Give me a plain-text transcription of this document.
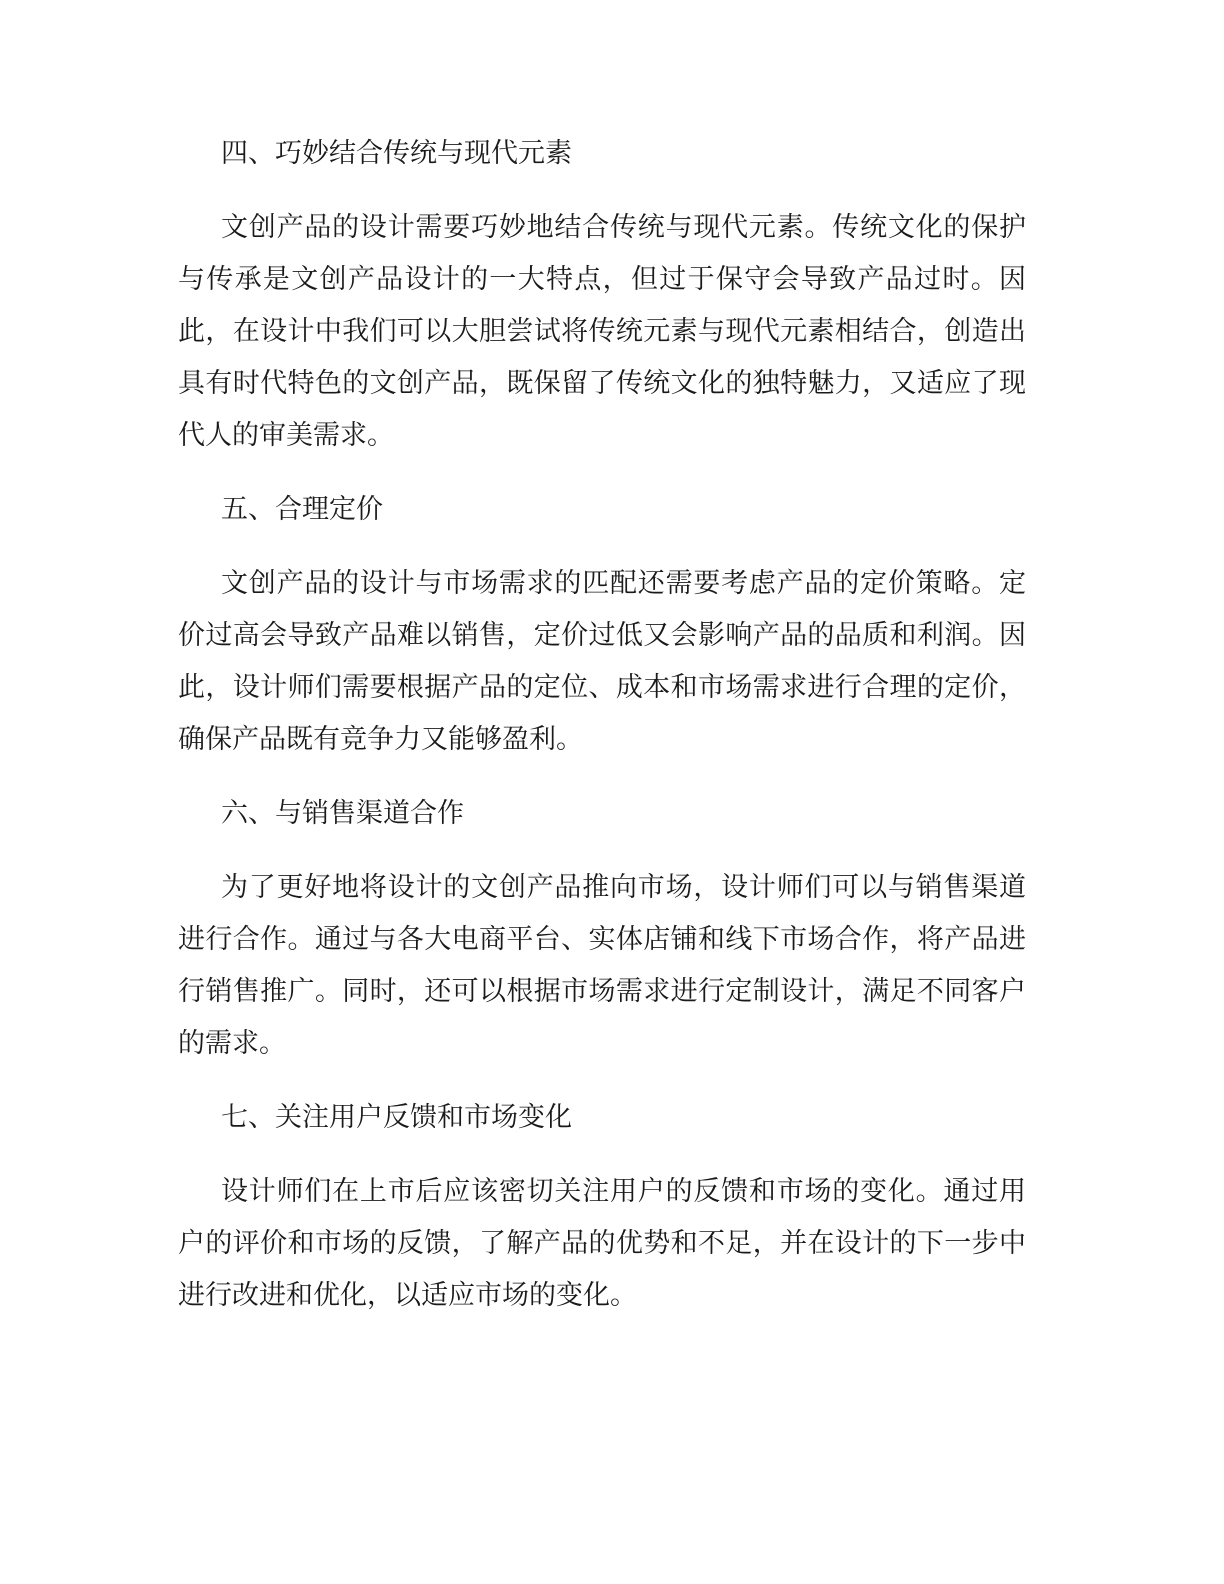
四、巧妙结合传统与现代元素

文创产品的设计需要巧妙地结合传统与现代元素。传统文化的保护与传承是文创产品设计的一大特点，但过于保守会导致产品过时。因此，在设计中我们可以大胆尝试将传统元素与现代元素相结合，创造出具有时代特色的文创产品，既保留了传统文化的独特魅力，又适应了现代人的审美需求。

五、合理定价

文创产品的设计与市场需求的匹配还需要考虑产品的定价策略。定价过高会导致产品难以销售，定价过低又会影响产品的品质和利润。因此，设计师们需要根据产品的定位、成本和市场需求进行合理的定价，确保产品既有竞争力又能够盈利。

六、与销售渠道合作

为了更好地将设计的文创产品推向市场，设计师们可以与销售渠道进行合作。通过与各大电商平台、实体店铺和线下市场合作，将产品进行销售推广。同时，还可以根据市场需求进行定制设计，满足不同客户的需求。

七、关注用户反馈和市场变化

设计师们在上市后应该密切关注用户的反馈和市场的变化。通过用户的评价和市场的反馈，了解产品的优势和不足，并在设计的下一步中进行改进和优化，以适应市场的变化。
